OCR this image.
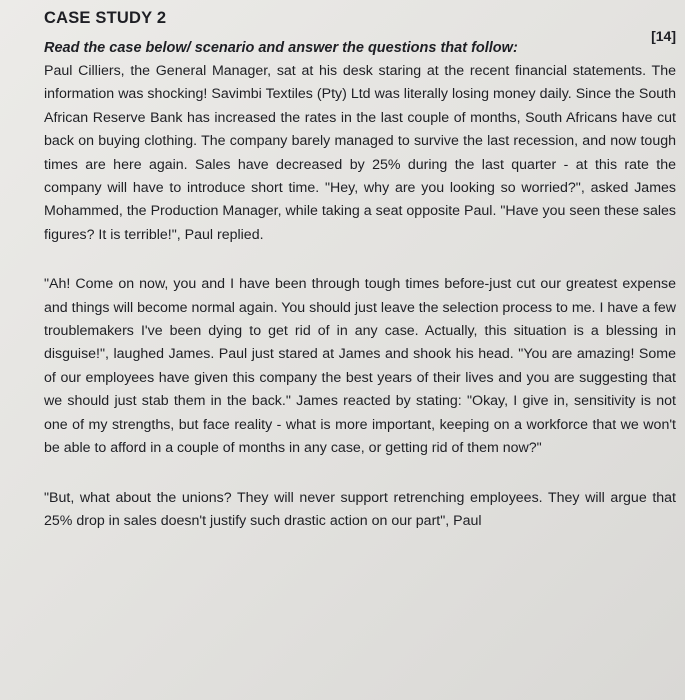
CASE STUDY 2
[14]

Read the case below/ scenario and answer the questions that follow:

Paul Cilliers, the General Manager, sat at his desk staring at the recent financial statements. The information was shocking! Savimbi Textiles (Pty) Ltd was literally losing money daily. Since the South African Reserve Bank has increased the rates in the last couple of months, South Africans have cut back on buying clothing. The company barely managed to survive the last recession, and now tough times are here again. Sales have decreased by 25% during the last quarter - at this rate the company will have to introduce short time. "Hey, why are you looking so worried?", asked James Mohammed, the Production Manager, while taking a seat opposite Paul. "Have you seen these sales figures? It is terrible!", Paul replied.

"Ah! Come on now, you and I have been through tough times before-just cut our greatest expense and things will become normal again. You should just leave the selection process to me. I have a few troublemakers I've been dying to get rid of in any case. Actually, this situation is a blessing in disguise!", laughed James. Paul just stared at James and shook his head. "You are amazing! Some of our employees have given this company the best years of their lives and you are suggesting that we should just stab them in the back." James reacted by stating: "Okay, I give in, sensitivity is not one of my strengths, but face reality - what is more important, keeping on a workforce that we won't be able to afford in a couple of months in any case, or getting rid of them now?"

"But, what about the unions? They will never support retrenching employees. They will argue that 25% drop in sales doesn't justify such drastic action on our part", Paul
